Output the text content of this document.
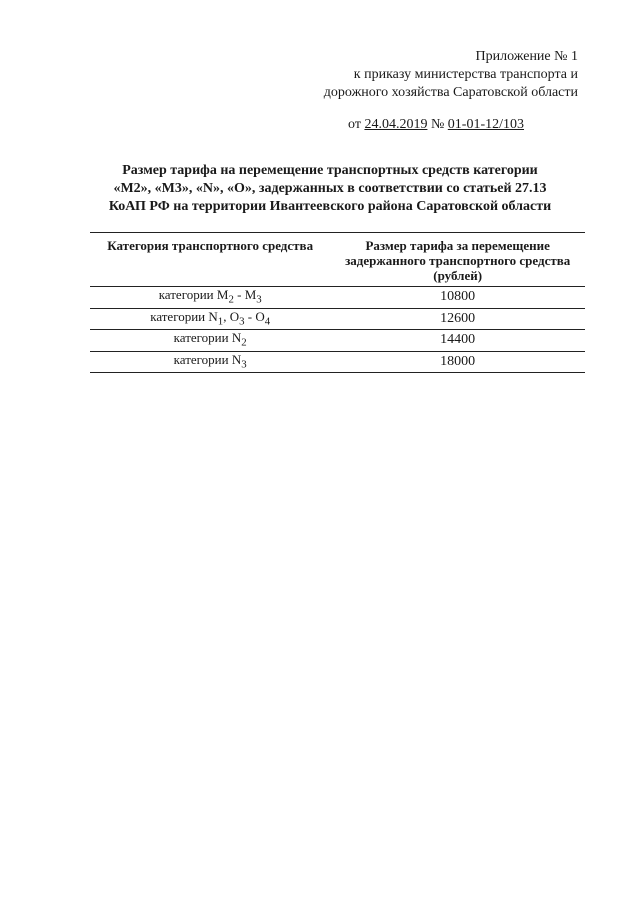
Приложение № 1
к приказу министерства транспорта и
дорожного хозяйства Саратовской области
от 24.04.2019 № 01-01-12/103
Размер тарифа на перемещение транспортных средств категории
«М2», «М3», «N», «О», задержанных в соответствии со статьей 27.13
КоАП РФ на территории Ивантеевского района Саратовской области
Категория транспортного средства	Размер тарифа за перемещение задержанного транспортного средства (рублей)
категории $М_2 - М_3$	10800
категории $N_1$, $О_3 - О_4$	12600
категории $N_2$	14400
категории $N_3$	18000
